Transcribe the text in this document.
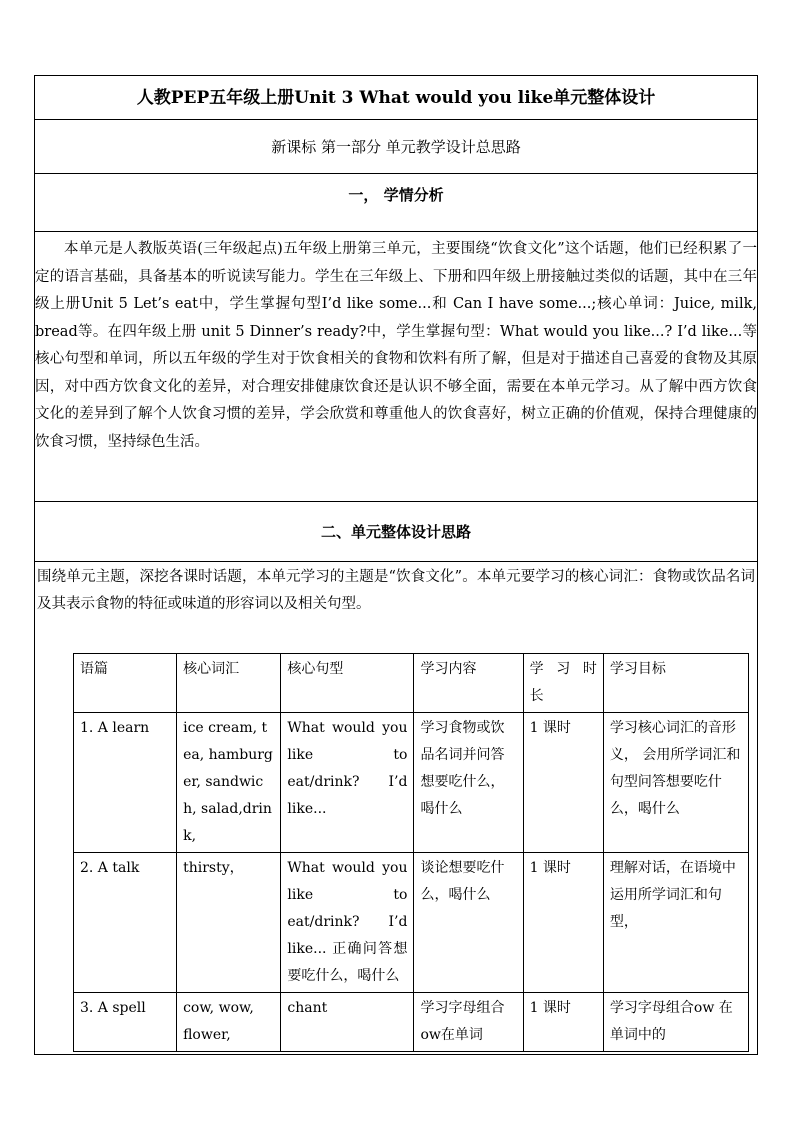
人教PEP五年级上册Unit 3 What would you like单元整体设计
新课标 第一部分 单元教学设计总思路
一， 学情分析

本单元是人教版英语(三年级起点)五年级上册第三单元，主要围绕“饮食文化”这个话题，他们已经积累了一定的语言基础，具备基本的听说读写能力。学生在三年级上、下册和四年级上册接触过类似的话题，其中在三年级上册Unit 5 Let’s eat中，学生掌握句型I’d like some...和 Can I have some...;核心单词：Juice, milk, bread等。在四年级上册 unit 5 Dinner’s ready?中，学生掌握句型：What would you like...? I’d like...等核心句型和单词，所以五年级的学生对于饮食相关的食物和饮料有所了解，但是对于描述自己喜爱的食物及其原因，对中西方饮食文化的差异，对合理安排健康饮食还是认识不够全面，需要在本单元学习。从了解中西方饮食文化的差异到了解个人饮食习惯的差异，学会欣赏和尊重他人的饮食喜好，树立正确的价值观，保持合理健康的饮食习惯，坚持绿色生活。

二、单元整体设计思路
围绕单元主题，深挖各课时话题，本单元学习的主题是“饮食文化”。本单元要学习的核心词汇：食物或饮品名词及其表示食物的特征或味道的形容词以及相关句型。
语篇	核心词汇	核心句型	学习内容	学 习 时 长	学习目标
1. A learn	ice cream, tea, hamburger, sandwich, salad,drink,	What would you like to eat/drink? I’d like...	学习食物或饮品名词并问答想要吃什么，喝什么	1 课时	学习核心词汇的音形义， 会用所学词汇和句型问答想要吃什么，喝什么
2. A talk	thirsty，	What would you like to eat/drink? I’d like... 正确问答想要吃什么，喝什么	谈论想要吃什么，喝什么	1 课时	理解对话，在语境中运用所学词汇和句型，
3. A spell	cow, wow, flower,	chant	学习字母组合ow在单词	1 课时	学习字母组合ow 在单词中的
